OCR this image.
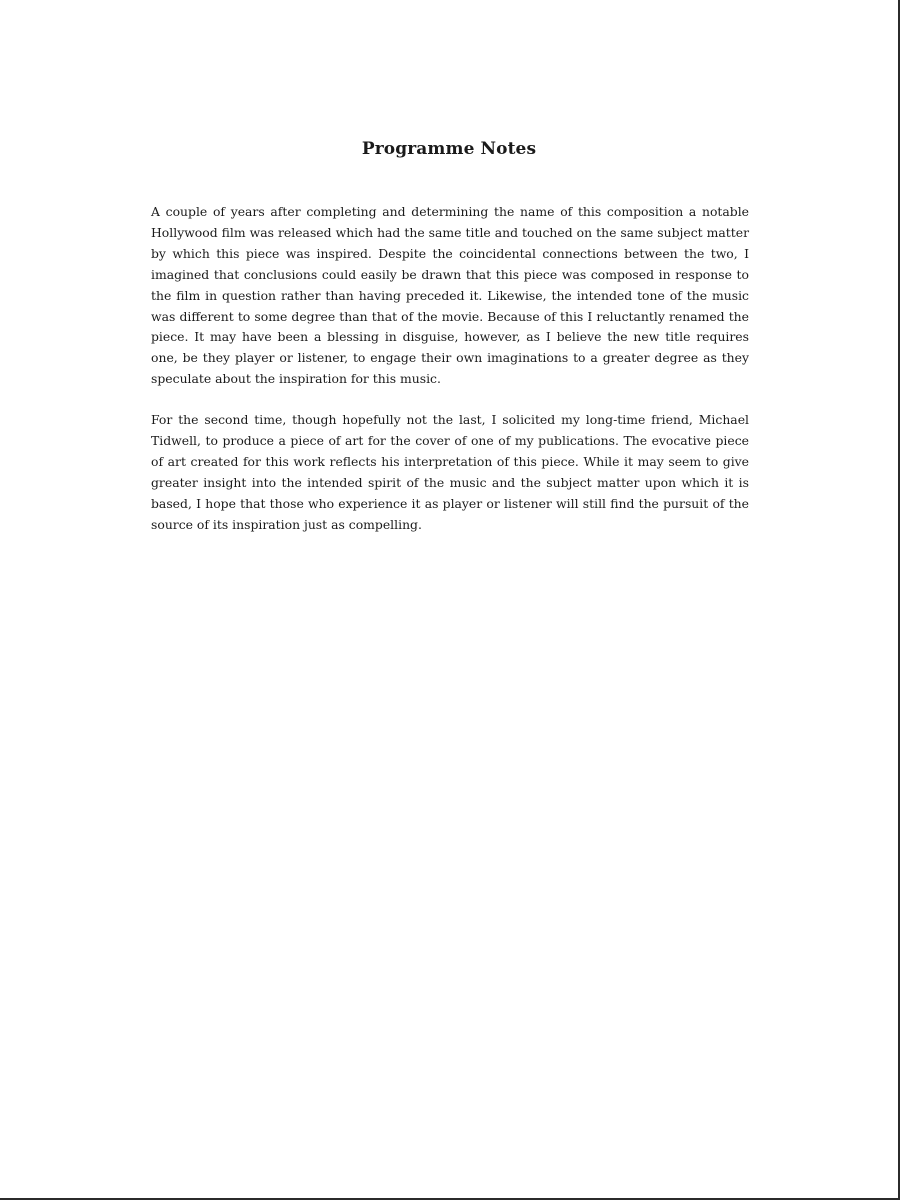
Programme Notes
A couple of years after completing and determining the name of this composition a notable Hollywood film was released which had the same title and touched on the same subject matter by which this piece was inspired. Despite the coincidental connections between the two, I imagined that conclusions could easily be drawn that this piece was composed in response to the film in question rather than having preceded it. Likewise, the intended tone of the music was different to some degree than that of the movie. Because of this I reluctantly renamed the piece. It may have been a blessing in disguise, however, as I believe the new title requires one, be they player or listener, to engage their own imaginations to a greater degree as they speculate about the inspiration for this music.
For the second time, though hopefully not the last, I solicited my long-time friend, Michael Tidwell, to produce a piece of art for the cover of one of my publications. The evocative piece of art created for this work reflects his interpretation of this piece. While it may seem to give greater insight into the intended spirit of the music and the subject matter upon which it is based, I hope that those who experience it as player or listener will still find the pursuit of the source of its inspiration just as compelling.
